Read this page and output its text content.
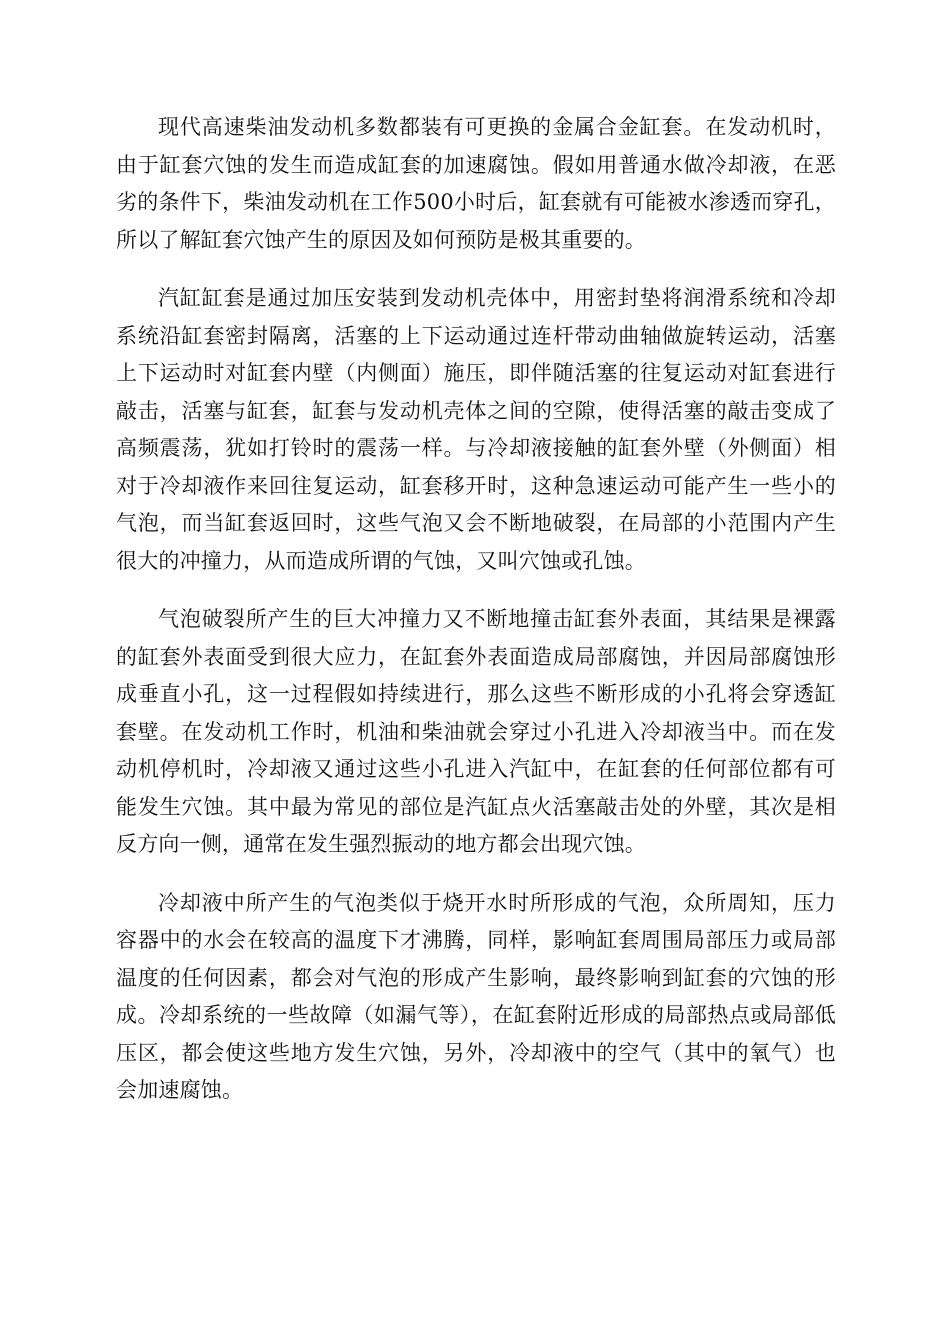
现代高速柴油发动机多数都装有可更换的金属合金缸套。在发动机时，由于缸套穴蚀的发生而造成缸套的加速腐蚀。假如用普通水做冷却液，在恶劣的条件下，柴油发动机在工作500小时后，缸套就有可能被水渗透而穿孔，所以了解缸套穴蚀产生的原因及如何预防是极其重要的。

汽缸缸套是通过加压安装到发动机壳体中，用密封垫将润滑系统和冷却系统沿缸套密封隔离，活塞的上下运动通过连杆带动曲轴做旋转运动，活塞上下运动时对缸套内壁（内侧面）施压，即伴随活塞的往复运动对缸套进行敲击，活塞与缸套，缸套与发动机壳体之间的空隙，使得活塞的敲击变成了高频震荡，犹如打铃时的震荡一样。与冷却液接触的缸套外壁（外侧面）相对于冷却液作来回往复运动，缸套移开时，这种急速运动可能产生一些小的气泡，而当缸套返回时，这些气泡又会不断地破裂，在局部的小范围内产生很大的冲撞力，从而造成所谓的气蚀，又叫穴蚀或孔蚀。

气泡破裂所产生的巨大冲撞力又不断地撞击缸套外表面，其结果是裸露的缸套外表面受到很大应力，在缸套外表面造成局部腐蚀，并因局部腐蚀形成垂直小孔，这一过程假如持续进行，那么这些不断形成的小孔将会穿透缸套壁。在发动机工作时，机油和柴油就会穿过小孔进入冷却液当中。而在发动机停机时，冷却液又通过这些小孔进入汽缸中，在缸套的任何部位都有可能发生穴蚀。其中最为常见的部位是汽缸点火活塞敲击处的外壁，其次是相反方向一侧，通常在发生强烈振动的地方都会出现穴蚀。

冷却液中所产生的气泡类似于烧开水时所形成的气泡，众所周知，压力容器中的水会在较高的温度下才沸腾，同样，影响缸套周围局部压力或局部温度的任何因素，都会对气泡的形成产生影响，最终影响到缸套的穴蚀的形成。冷却系统的一些故障（如漏气等），在缸套附近形成的局部热点或局部低压区，都会使这些地方发生穴蚀，另外，冷却液中的空气（其中的氧气）也会加速腐蚀。
